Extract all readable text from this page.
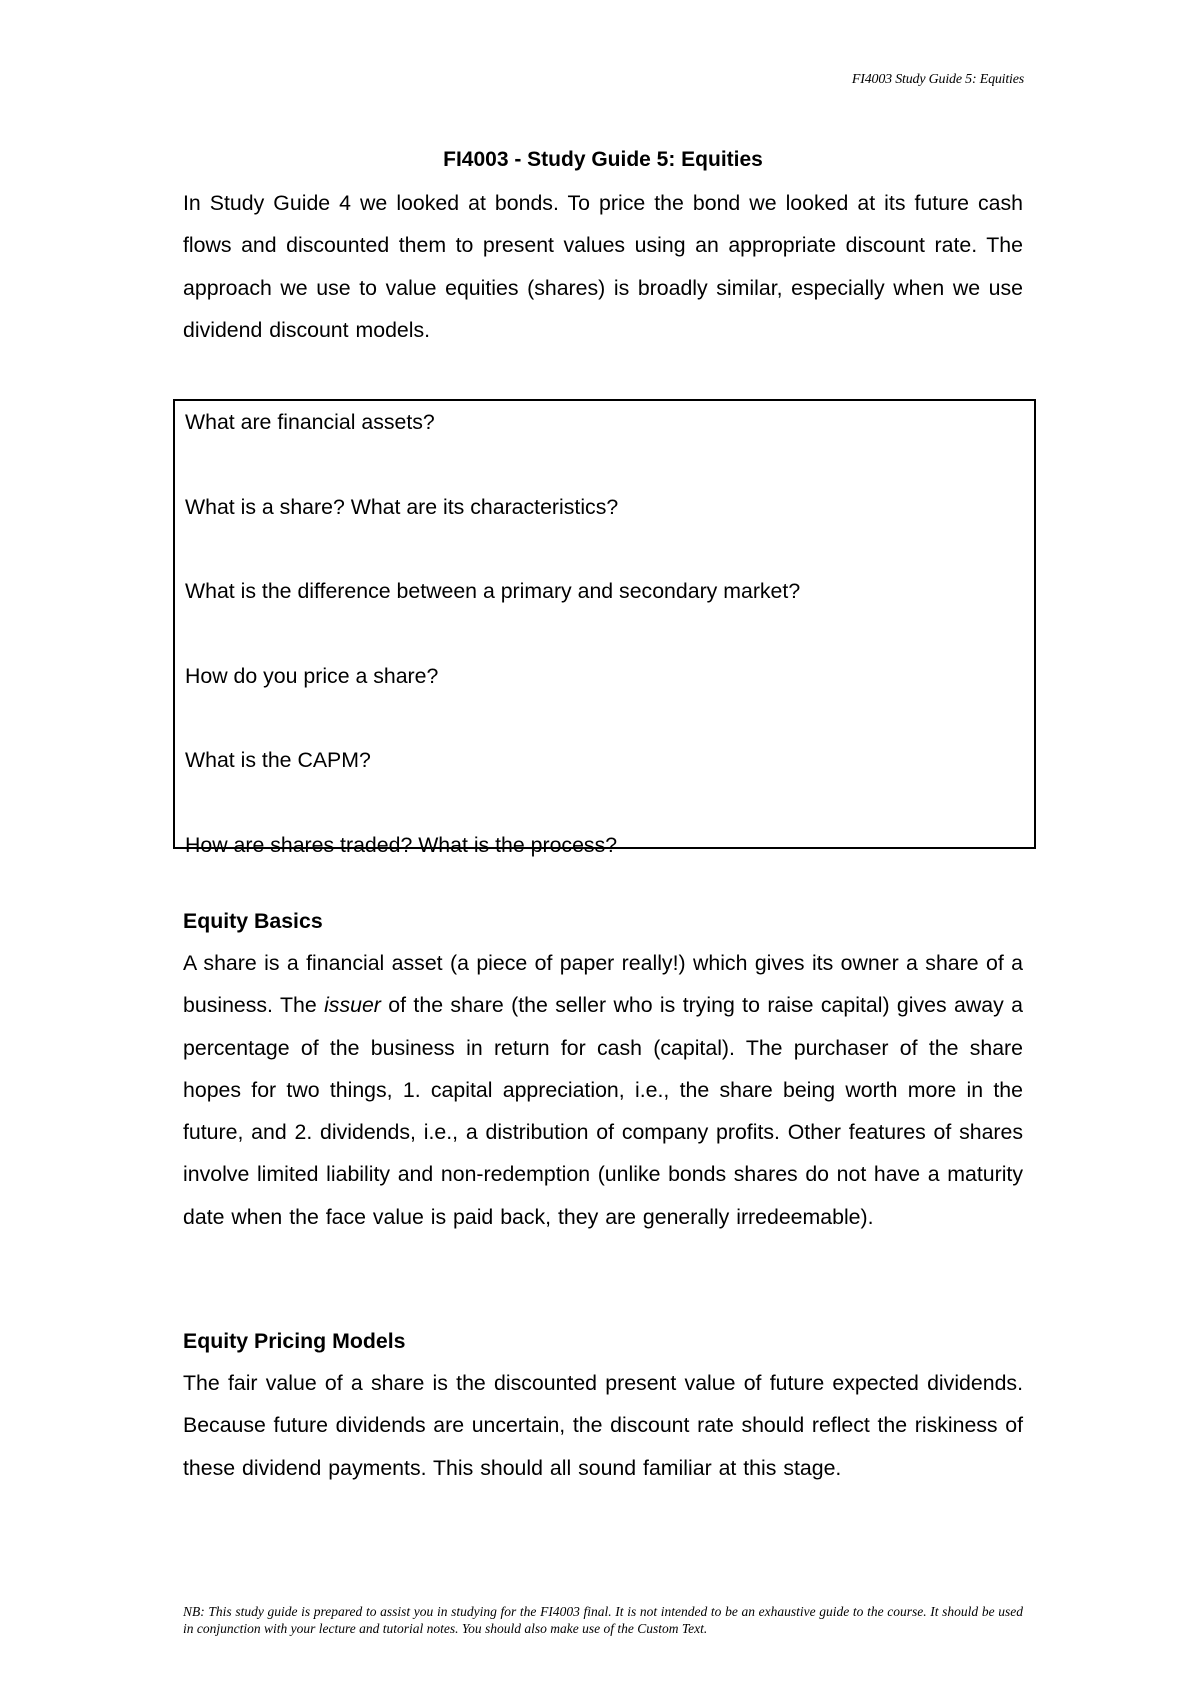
FI4003 Study Guide 5: Equities
FI4003 - Study Guide 5: Equities

In Study Guide 4 we looked at bonds. To price the bond we looked at its future cash flows and discounted them to present values using an appropriate discount rate. The approach we use to value equities (shares) is broadly similar, especially when we use dividend discount models.

What are financial assets?
What is a share? What are its characteristics?
What is the difference between a primary and secondary market?
How do you price a share?
What is the CAPM?
How are shares traded? What is the process?
Equity Basics

A share is a financial asset (a piece of paper really!) which gives its owner a share of a business. The issuer of the share (the seller who is trying to raise capital) gives away a percentage of the business in return for cash (capital). The purchaser of the share hopes for two things, 1. capital appreciation, i.e., the share being worth more in the future, and 2. dividends, i.e., a distribution of company profits. Other features of shares involve limited liability and non-redemption (unlike bonds shares do not have a maturity date when the face value is paid back, they are generally irredeemable).

Equity Pricing Models

The fair value of a share is the discounted present value of future expected dividends. Because future dividends are uncertain, the discount rate should reflect the riskiness of these dividend payments. This should all sound familiar at this stage.

NB: This study guide is prepared to assist you in studying for the FI4003 final. It is not intended to be an exhaustive guide to the course. It should be used in conjunction with your lecture and tutorial notes. You should also make use of the Custom Text.
